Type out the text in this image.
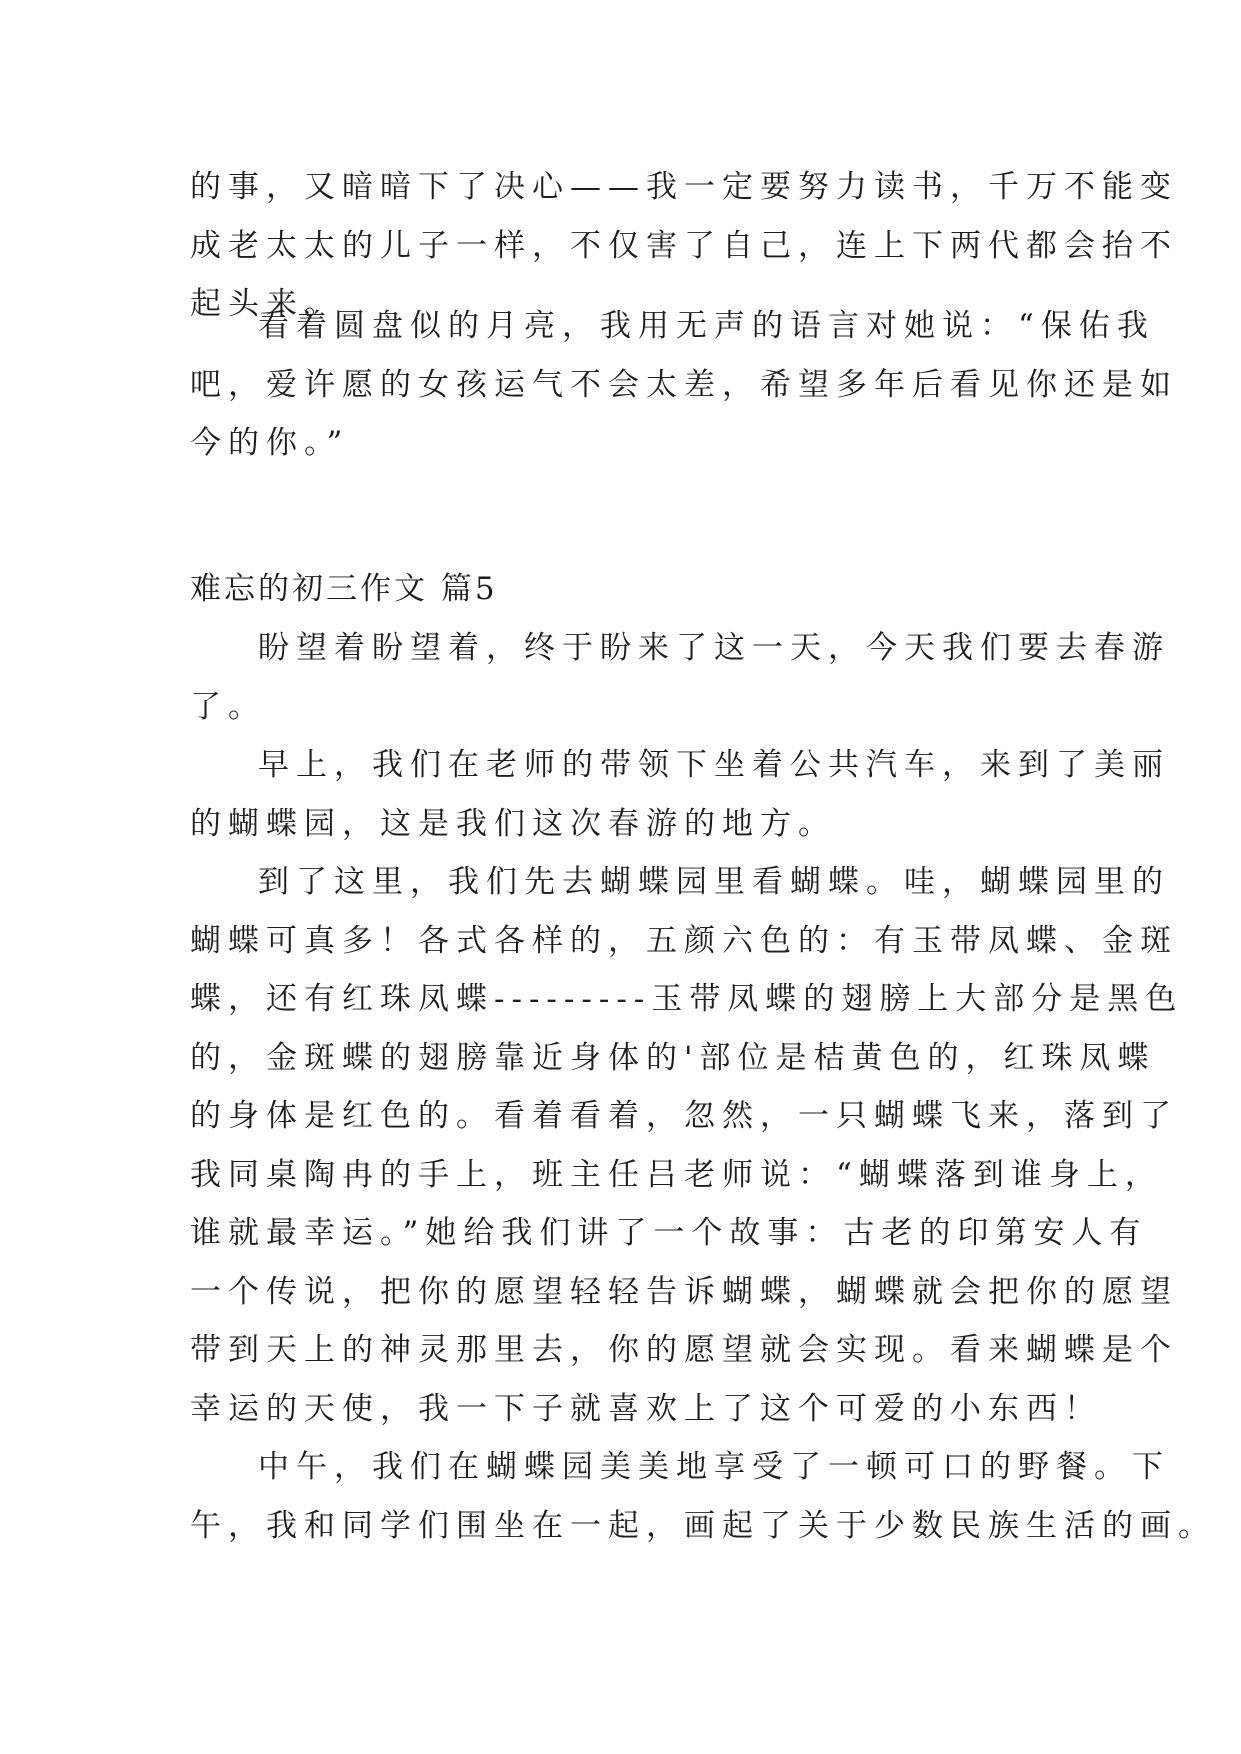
的事，又暗暗下了决心——我一定要努力读书，千万不能变
成老太太的儿子一样，不仅害了自己，连上下两代都会抬不
起头来。
看着圆盘似的月亮，我用无声的语言对她说：“保佑我
吧，爱许愿的女孩运气不会太差，希望多年后看见你还是如
今的你。”
难忘的初三作文 篇5
盼望着盼望着，终于盼来了这一天，今天我们要去春游
了。
早上，我们在老师的带领下坐着公共汽车，来到了美丽
的蝴蝶园，这是我们这次春游的地方。
到了这里，我们先去蝴蝶园里看蝴蝶。哇，蝴蝶园里的
蝴蝶可真多！各式各样的，五颜六色的：有玉带凤蝶、金斑
蝶，还有红珠凤蝶---------玉带凤蝶的翅膀上大部分是黑色
的，金斑蝶的翅膀靠近身体的'部位是桔黄色的，红珠凤蝶
的身体是红色的。看着看着，忽然，一只蝴蝶飞来，落到了
我同桌陶冉的手上，班主任吕老师说：“蝴蝶落到谁身上，
谁就最幸运。”她给我们讲了一个故事：古老的印第安人有
一个传说，把你的愿望轻轻告诉蝴蝶，蝴蝶就会把你的愿望
带到天上的神灵那里去，你的愿望就会实现。看来蝴蝶是个
幸运的天使，我一下子就喜欢上了这个可爱的小东西！
中午，我们在蝴蝶园美美地享受了一顿可口的野餐。下
午，我和同学们围坐在一起，画起了关于少数民族生活的画。
